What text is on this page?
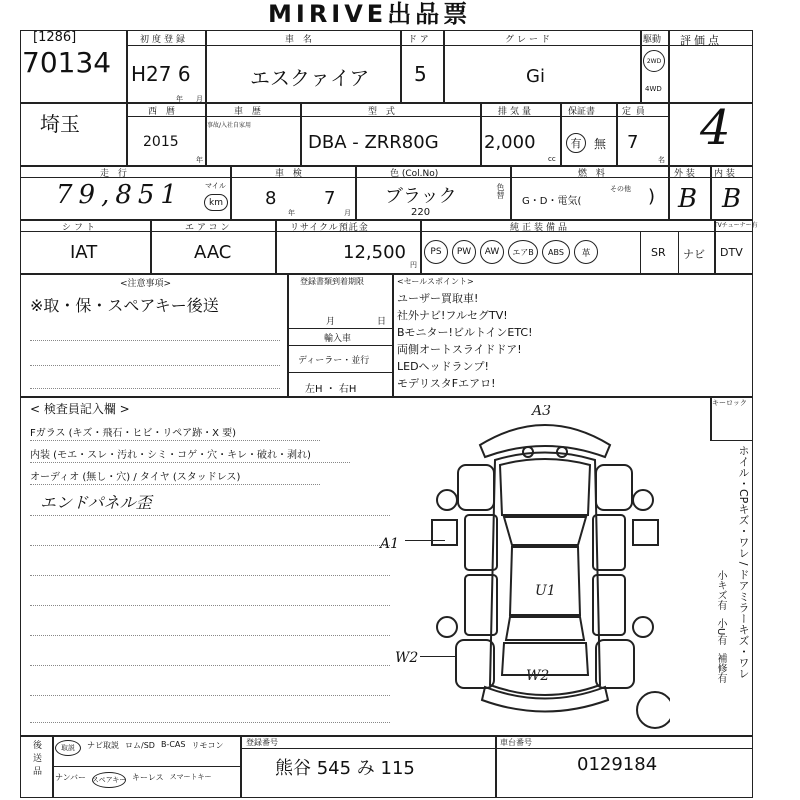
MIRIVE出品票
[1286]
70134
埼玉
初度登録
H27 6
年 月
車 名
エスクァイア
ドア
5
グレード
Gi
駆動
2WD
4WD
評価点
4
西 暦
2015
年
車 歴
事故/入社自家用
型 式
DBA - ZRR80G
排気量
2,000
cc
保証書
有 無
定 員
7
名
走 行
79,851	マイル
km
車 検
8
年
7
月
色 (Col.No)
ブラック
220
色替
燃 料
G・D・電気(
その他 )
外 装
B
内 装
B
シフト
IAT
エアコン
AAC
リサイクル預託金
12,500
円
純正装備品	TVチューナー有
PS	PW	AW	エアB	ABS	革	SR ナビ DTV
<注意事項>
※取・保・スペアキー後送
登録書類到着期限
月	日
輸入車
ディーラー・並行
左H ・ 右H
<セールスポイント>
ユーザー買取車!
社外ナビ!フルセグTV!
Bモニター!ビルトインETC!
両側オートスライドドア!
LEDヘッドランプ!
モデリスタFエアロ!
< 検査員記入欄 >	キーロック
Fガラス (キズ・飛石・ヒビ・リペア跡・X 要)
内装 (モエ・スレ・汚れ・シミ・コゲ・穴・キレ・破れ・剥れ)
オーディオ (無し・穴) / タイヤ (スタッドレス)
エンドパネル歪
A3
U1
W2
A1
W2	ホイル・CPキズ・ワレ / ドアミラーキズ・ワレ
小キズ有
小U有
補修有
後送品	取説	ナビ取説 ロム/SD B-CAS リモコン
ナンバー スペアキー キーレス スマートキー
登録番号
熊谷 545 み 115
車台番号
0129184
